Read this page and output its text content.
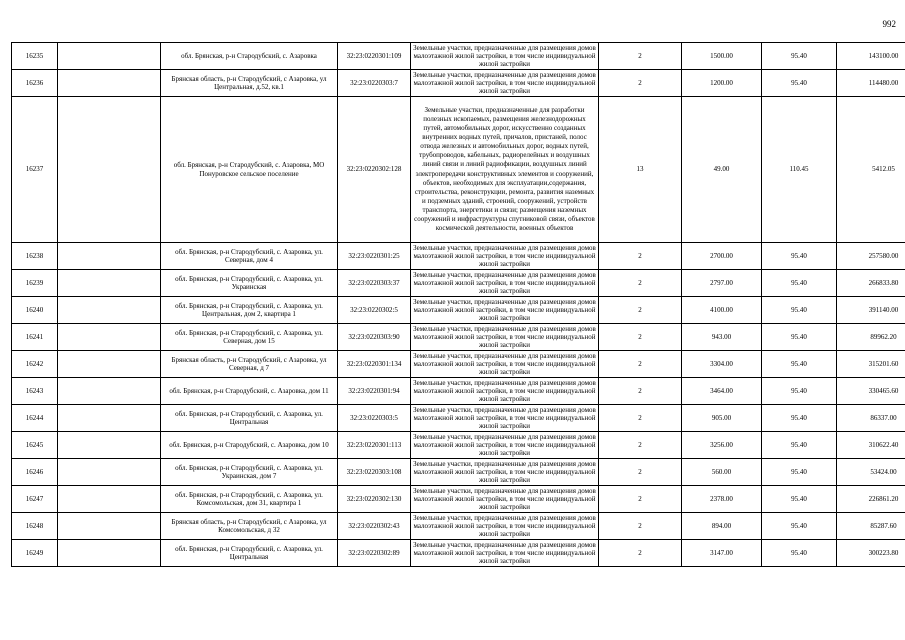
992
16235		обл. Брянская, р-н Стародубский, с. Азаровка	32:23:0220301:109	Земельные участки, предназначенные для размещения домов малоэтажной жилой застройки, в том числе индивидуальной жилой застройки	2	1500.00	95.40	143100.00
16236		Брянская область, р-н Стародубский, с Азаровка, ул Центральная, д.52, кв.1	32:23:0220303:7	Земельные участки, предназначенные для размещения домов малоэтажной жилой застройки, в том числе индивидуальной жилой застройки	2	1200.00	95.40	114480.00
16237		обл. Брянская, р-н Стародубский, с. Азаровка, МО Понуровское сельское поселение	32:23:0220302:128	Земельные участки, предназначенные для разработки полезных ископаемых, размещения железнодорожных путей, автомобильных дорог, искусственно созданных внутренних водных путей, причалов, пристаней, полос отвода железных и автомобильных дорог, водных путей, трубопроводов, кабельных, радиорелейных и воздушных линий связи и линий радиофикации, воздушных линий электропередачи конструктивных элементов и сооружений, объектов, необходимых для эксплуатации,содержания, строительства, реконструкции, ремонта, развития наземных и подземных зданий, строений, сооружений, устройств транспорта, энергетики и связи; размещения наземных сооружений и инфраструктуры спутниковой связи, объектов космической деятельности, военных объектов	13	49.00	110.45	5412.05
16238		обл. Брянская, р-н Стародубский, с. Азаровка, ул. Северная, дом 4	32:23:0220301:25	Земельные участки, предназначенные для размещения домов малоэтажной жилой застройки, в том числе индивидуальной жилой застройки	2	2700.00	95.40	257580.00
16239		обл. Брянская, р-н Стародубский, с. Азаровка, ул. Украинская	32:23:0220303:37	Земельные участки, предназначенные для размещения домов малоэтажной жилой застройки, в том числе индивидуальной жилой застройки	2	2797.00	95.40	266833.80
16240		обл. Брянская, р-н Стародубский, с. Азаровка, ул. Центральная, дом 2, квартира 1	32:23:0220302:5	Земельные участки, предназначенные для размещения домов малоэтажной жилой застройки, в том числе индивидуальной жилой застройки	2	4100.00	95.40	391140.00
16241		обл. Брянская, р-н Стародубский, с. Азаровка, ул. Северная, дом 15	32:23:0220303:90	Земельные участки, предназначенные для размещения домов малоэтажной жилой застройки, в том числе индивидуальной жилой застройки	2	943.00	95.40	89962.20
16242		Брянская область, р-н Стародубский, с Азаровка, ул Северная, д 7	32:23:0220301:134	Земельные участки, предназначенные для размещения домов малоэтажной жилой застройки, в том числе индивидуальной жилой застройки	2	3304.00	95.40	315201.60
16243		обл. Брянская, р-н Стародубский, с. Азаровка, дом 11	32:23:0220301:94	Земельные участки, предназначенные для размещения домов малоэтажной жилой застройки, в том числе индивидуальной жилой застройки	2	3464.00	95.40	330465.60
16244		обл. Брянская, р-н Стародубский, с. Азаровка, ул. Центральная	32:23:0220303:5	Земельные участки, предназначенные для размещения домов малоэтажной жилой застройки, в том числе индивидуальной жилой застройки	2	905.00	95.40	86337.00
16245		обл. Брянская, р-н Стародубский, с. Азаровка, дом 10	32:23:0220301:113	Земельные участки, предназначенные для размещения домов малоэтажной жилой застройки, в том числе индивидуальной жилой застройки	2	3256.00	95.40	310622.40
16246		обл. Брянская, р-н Стародубский, с. Азаровка, ул. Украинская, дом 7	32:23:0220303:108	Земельные участки, предназначенные для размещения домов малоэтажной жилой застройки, в том числе индивидуальной жилой застройки	2	560.00	95.40	53424.00
16247		обл. Брянская, р-н Стародубский, с. Азаровка, ул. Комсомольская, дом 31, квартира 1	32:23:0220302:130	Земельные участки, предназначенные для размещения домов малоэтажной жилой застройки, в том числе индивидуальной жилой застройки	2	2378.00	95.40	226861.20
16248		Брянская область, р-н Стародубский, с Азаровка, ул Комсомольская, д 32	32:23:0220302:43	Земельные участки, предназначенные для размещения домов малоэтажной жилой застройки, в том числе индивидуальной жилой застройки	2	894.00	95.40	85287.60
16249		обл. Брянская, р-н Стародубский, с. Азаровка, ул. Центральная	32:23:0220302:89	Земельные участки, предназначенные для размещения домов малоэтажной жилой застройки, в том числе индивидуальной жилой застройки	2	3147.00	95.40	300223.80
